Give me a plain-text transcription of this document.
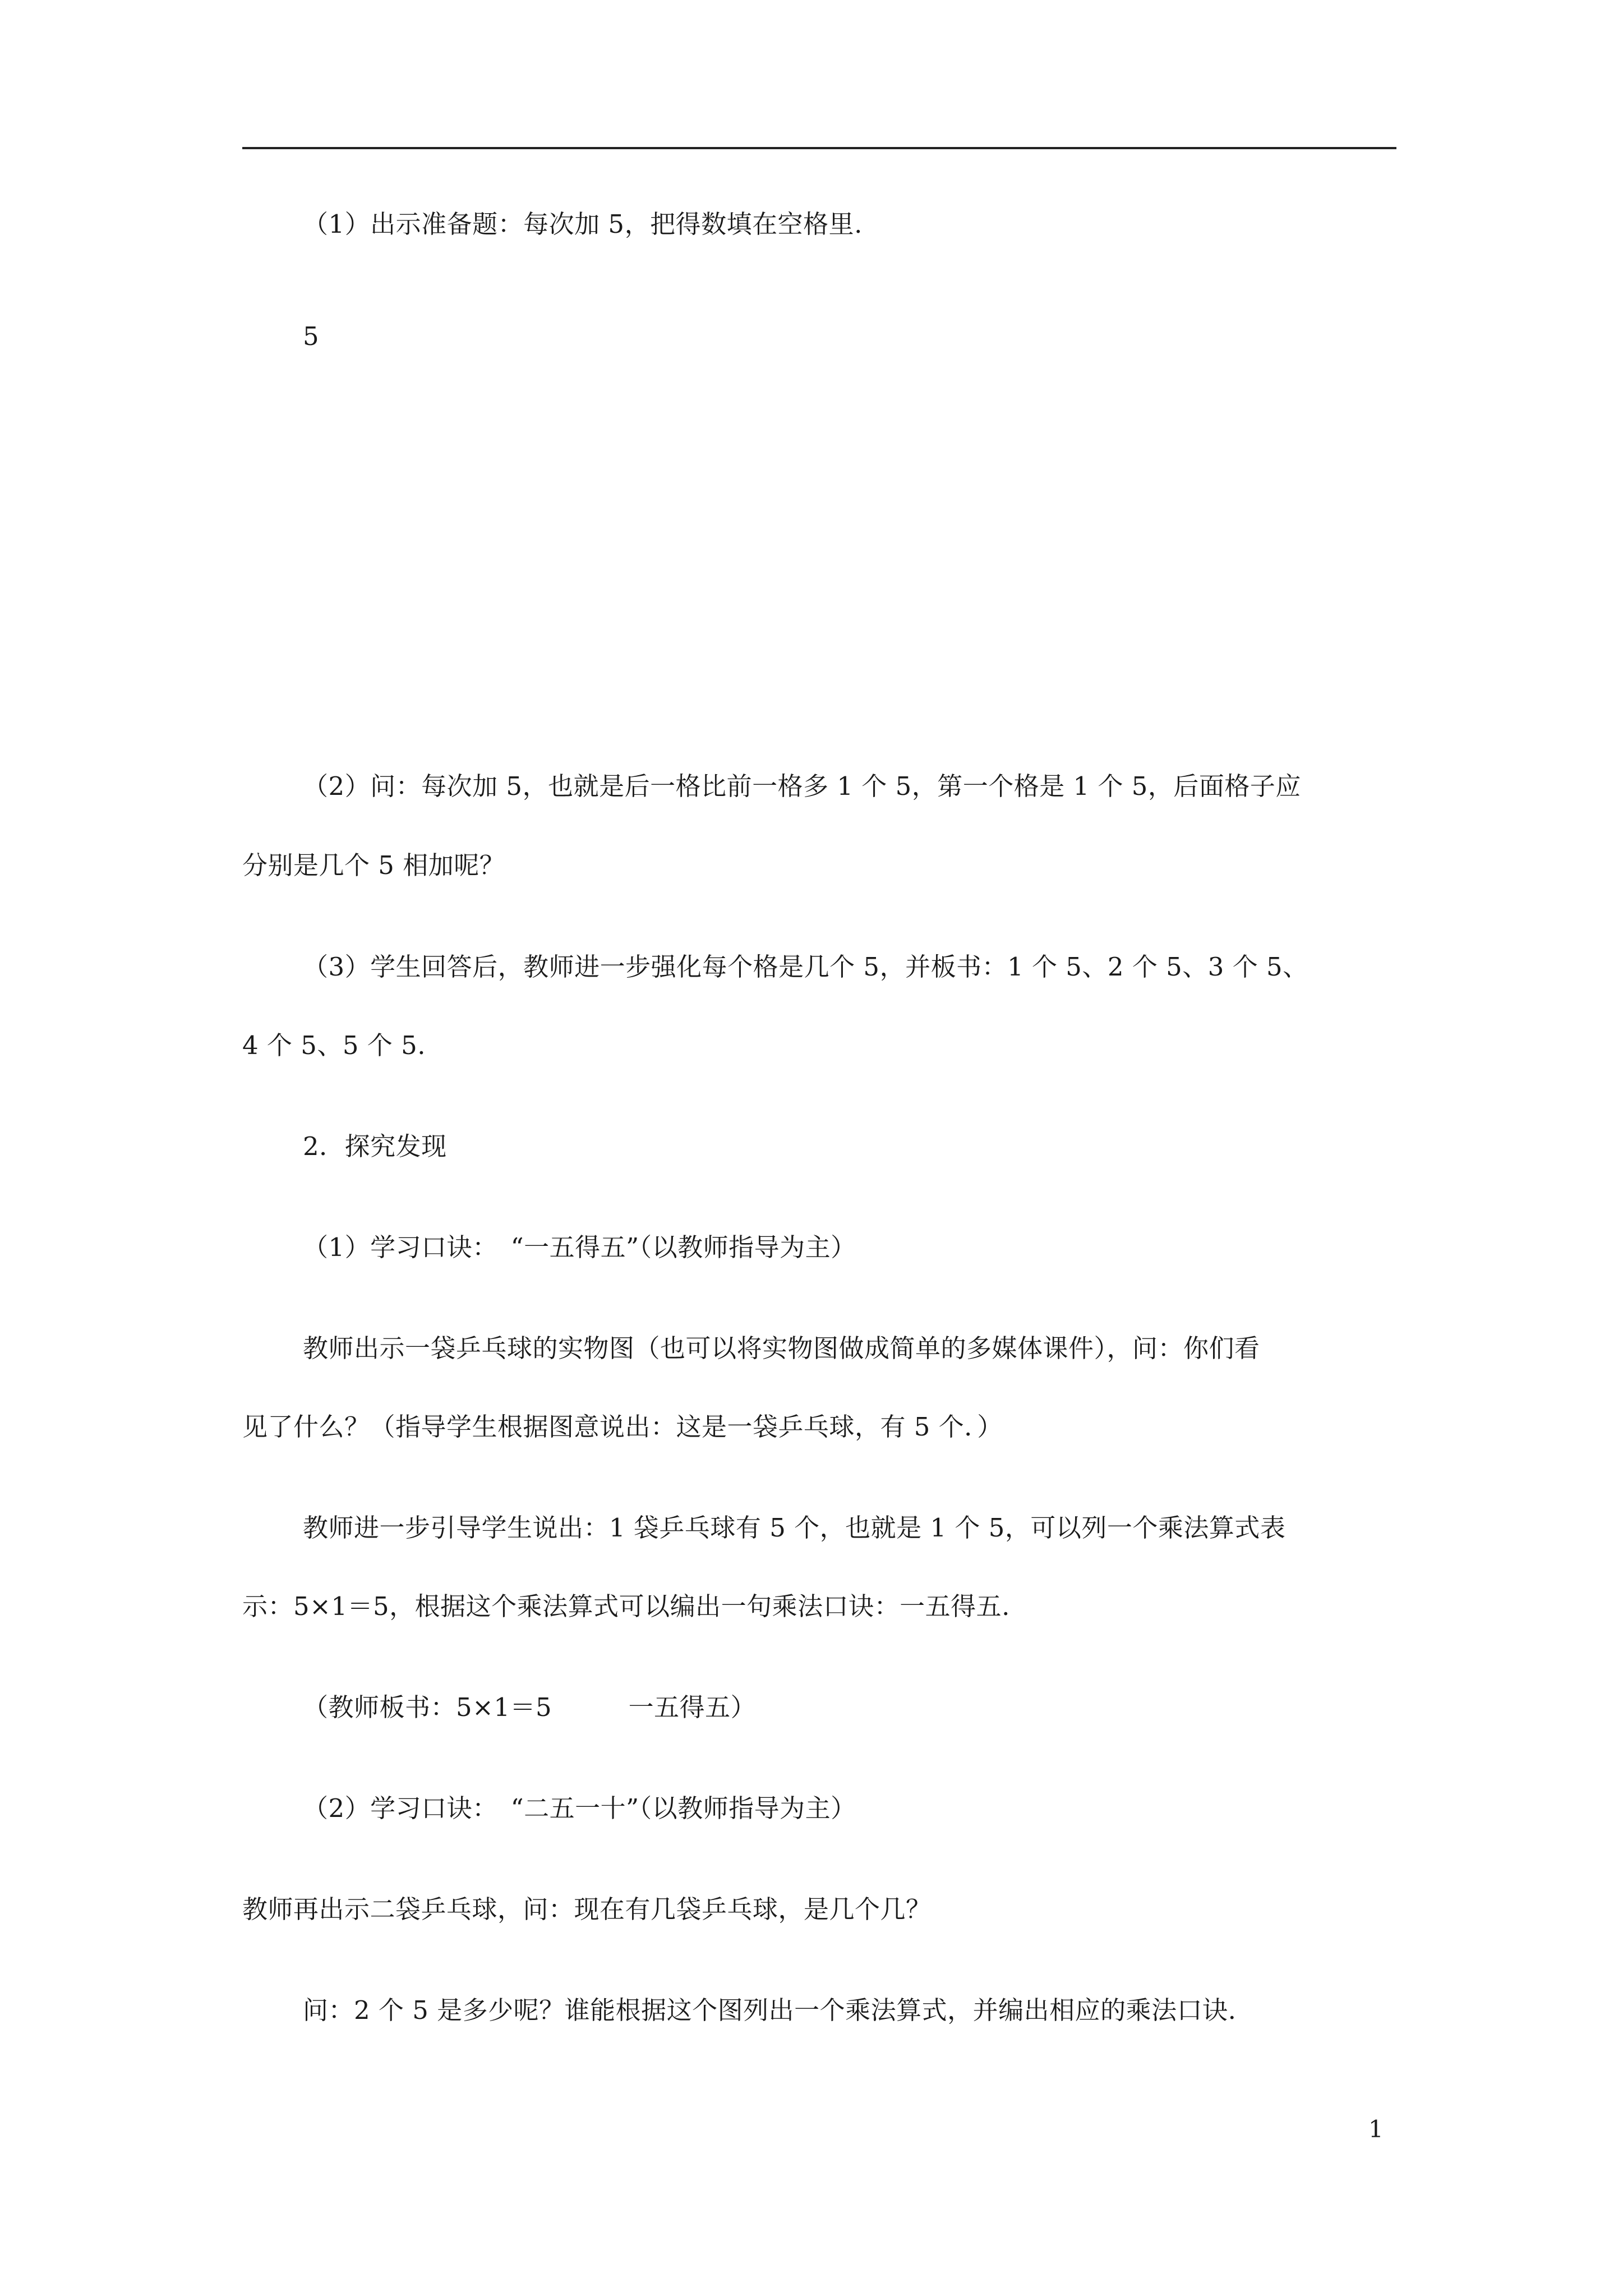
（1）出示准备题：每次加 5，把得数填在空格里.
5
（2）问：每次加 5，也就是后一格比前一格多 1 个 5，第一个格是 1 个 5，后面格子应
分别是几个 5 相加呢？
（3）学生回答后，教师进一步强化每个格是几个 5，并板书：1 个 5、2 个 5、3 个 5、
4 个 5、5 个 5.
2．探究发现
（1）学习口诀：　“一五得五”（以教师指导为主）
教师出示一袋乒乓球的实物图（也可以将实物图做成简单的多媒体课件），问：你们看
见了什么？（指导学生根据图意说出：这是一袋乒乓球，有 5 个．）
教师进一步引导学生说出：1 袋乒乓球有 5 个，也就是 1 个 5，可以列一个乘法算式表
示：5×1＝5，根据这个乘法算式可以编出一句乘法口诀：一五得五.
（教师板书：5×1＝5　　　一五得五）
（2）学习口诀：　“二五一十”（以教师指导为主）
教师再出示二袋乒乓球，问：现在有几袋乒乓球，是几个几？
问：2 个 5 是多少呢？谁能根据这个图列出一个乘法算式，并编出相应的乘法口诀.
1
